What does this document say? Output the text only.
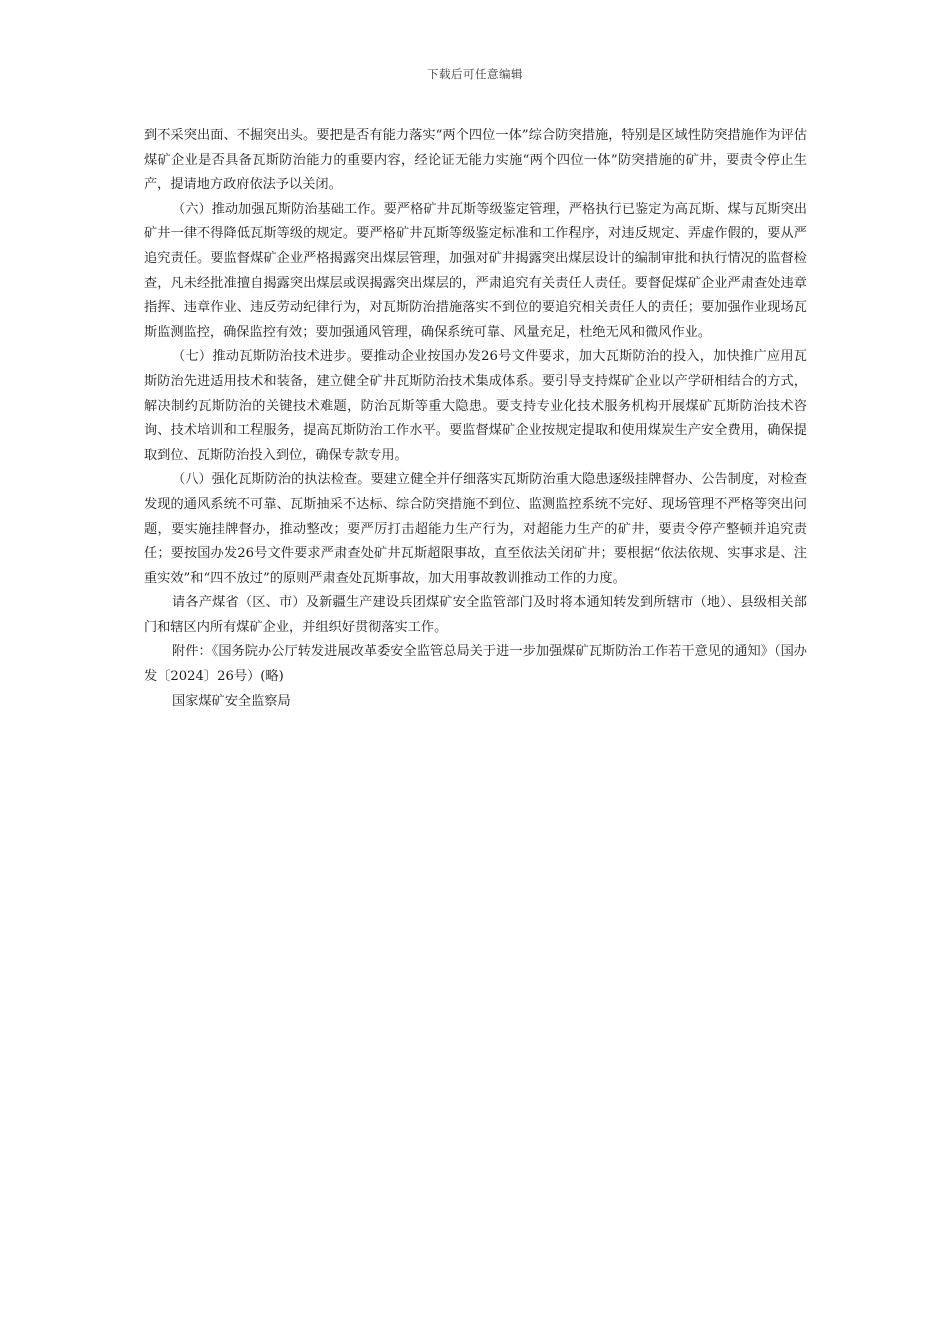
下载后可任意编辑

到不采突出面、不掘突出头。要把是否有能力落实“两个四位一体”综合防突措施，特别是区域性防突措施作为评估煤矿企业是否具备瓦斯防治能力的重要内容，经论证无能力实施“两个四位一体”防突措施的矿井，要责令停止生产，提请地方政府依法予以关闭。

（六）推动加强瓦斯防治基础工作。要严格矿井瓦斯等级鉴定管理，严格执行已鉴定为高瓦斯、煤与瓦斯突出矿井一律不得降低瓦斯等级的规定。要严格矿井瓦斯等级鉴定标准和工作程序，对违反规定、弄虚作假的，要从严追究责任。要监督煤矿企业严格揭露突出煤层管理，加强对矿井揭露突出煤层设计的编制审批和执行情况的监督检查，凡未经批准擅自揭露突出煤层或误揭露突出煤层的，严肃追究有关责任人责任。要督促煤矿企业严肃查处违章指挥、违章作业、违反劳动纪律行为，对瓦斯防治措施落实不到位的要追究相关责任人的责任；要加强作业现场瓦斯监测监控，确保监控有效；要加强通风管理，确保系统可靠、风量充足，杜绝无风和微风作业。

（七）推动瓦斯防治技术进步。要推动企业按国办发26号文件要求，加大瓦斯防治的投入，加快推广应用瓦斯防治先进适用技术和装备，建立健全矿井瓦斯防治技术集成体系。要引导支持煤矿企业以产学研相结合的方式，解决制约瓦斯防治的关键技术难题，防治瓦斯等重大隐患。要支持专业化技术服务机构开展煤矿瓦斯防治技术咨询、技术培训和工程服务，提高瓦斯防治工作水平。要监督煤矿企业按规定提取和使用煤炭生产安全费用，确保提取到位、瓦斯防治投入到位，确保专款专用。

（八）强化瓦斯防治的执法检查。要建立健全并仔细落实瓦斯防治重大隐患逐级挂牌督办、公告制度，对检查发现的通风系统不可靠、瓦斯抽采不达标、综合防突措施不到位、监测监控系统不完好、现场管理不严格等突出问题，要实施挂牌督办，推动整改；要严厉打击超能力生产行为，对超能力生产的矿井，要责令停产整顿并追究责任；要按国办发26号文件要求严肃查处矿井瓦斯超限事故，直至依法关闭矿井；要根据“依法依规、实事求是、注重实效”和“四不放过”的原则严肃查处瓦斯事故，加大用事故教训推动工作的力度。

请各产煤省（区、市）及新疆生产建设兵团煤矿安全监管部门及时将本通知转发到所辖市（地）、县级相关部门和辖区内所有煤矿企业，并组织好贯彻落实工作。

附件：《国务院办公厅转发进展改革委安全监管总局关于进一步加强煤矿瓦斯防治工作若干意见的通知》（国办发〔2024〕26号）(略)

国家煤矿安全监察局
